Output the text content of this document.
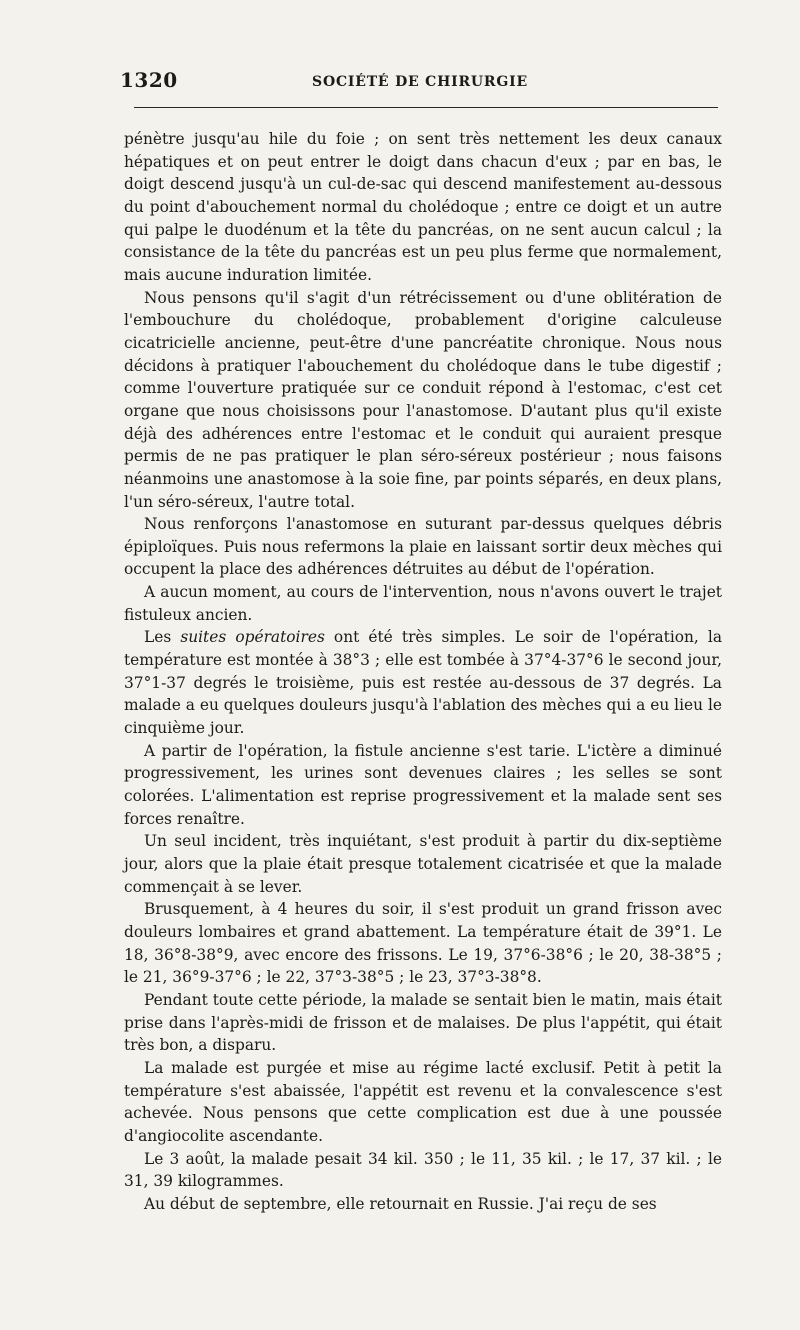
1320	SOCIÉTÉ DE CHIRURGIE

pénètre jusqu'au hile du foie ; on sent très nettement les deux canaux hépatiques et on peut entrer le doigt dans chacun d'eux ; par en bas, le doigt descend jusqu'à un cul-de-sac qui descend manifestement au-dessous du point d'abouchement normal du cholédoque ; entre ce doigt et un autre qui palpe le duodénum et la tête du pancréas, on ne sent aucun calcul ; la consistance de la tête du pancréas est un peu plus ferme que normalement, mais aucune induration limitée.

Nous pensons qu'il s'agit d'un rétrécissement ou d'une oblitération de l'embouchure du cholédoque, probablement d'origine calculeuse cicatricielle ancienne, peut-être d'une pancréatite chronique. Nous nous décidons à pratiquer l'abouchement du cholédoque dans le tube digestif ; comme l'ouverture pratiquée sur ce conduit répond à l'estomac, c'est cet organe que nous choisissons pour l'anastomose. D'autant plus qu'il existe déjà des adhérences entre l'estomac et le conduit qui auraient presque permis de ne pas pratiquer le plan séro-séreux postérieur ; nous faisons néanmoins une anastomose à la soie fine, par points séparés, en deux plans, l'un séro-séreux, l'autre total.

Nous renforçons l'anastomose en suturant par-dessus quelques débris épiploïques. Puis nous refermons la plaie en laissant sortir deux mèches qui occupent la place des adhérences détruites au début de l'opération.

A aucun moment, au cours de l'intervention, nous n'avons ouvert le trajet fistuleux ancien.

Les suites opératoires ont été très simples. Le soir de l'opération, la température est montée à 38°3 ; elle est tombée à 37°4-37°6 le second jour, 37°1-37 degrés le troisième, puis est restée au-dessous de 37 degrés. La malade a eu quelques douleurs jusqu'à l'ablation des mèches qui a eu lieu le cinquième jour.

A partir de l'opération, la fistule ancienne s'est tarie. L'ictère a diminué progressivement, les urines sont devenues claires ; les selles se sont colorées. L'alimentation est reprise progressivement et la malade sent ses forces renaître.

Un seul incident, très inquiétant, s'est produit à partir du dix-septième jour, alors que la plaie était presque totalement cicatrisée et que la malade commençait à se lever.

Brusquement, à 4 heures du soir, il s'est produit un grand frisson avec douleurs lombaires et grand abattement. La température était de 39°1. Le 18, 36°8-38°9, avec encore des frissons. Le 19, 37°6-38°6 ; le 20, 38-38°5 ; le 21, 36°9-37°6 ; le 22, 37°3-38°5 ; le 23, 37°3-38°8.

Pendant toute cette période, la malade se sentait bien le matin, mais était prise dans l'après-midi de frisson et de malaises. De plus l'appétit, qui était très bon, a disparu.

La malade est purgée et mise au régime lacté exclusif. Petit à petit la température s'est abaissée, l'appétit est revenu et la convalescence s'est achevée. Nous pensons que cette complication est due à une poussée d'angiocolite ascendante.

Le 3 août, la malade pesait 34 kil. 350 ; le 11, 35 kil. ; le 17, 37 kil. ; le 31, 39 kilogrammes.

Au début de septembre, elle retournait en Russie. J'ai reçu de ses
